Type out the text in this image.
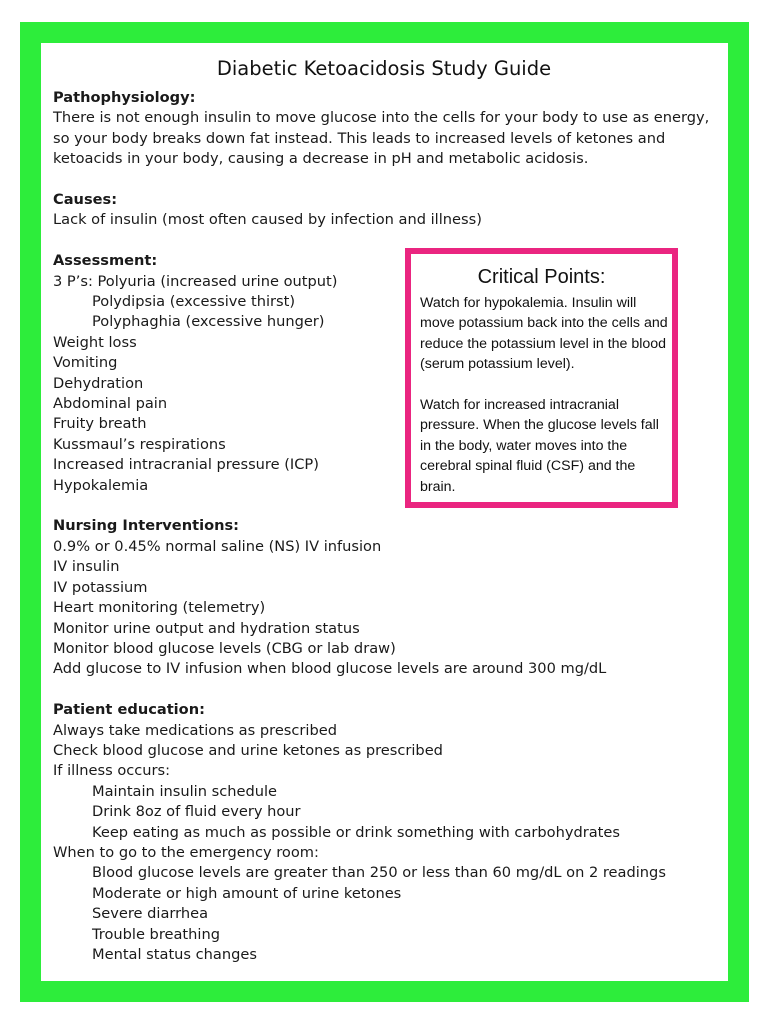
Diabetic Ketoacidosis Study Guide
Pathophysiology:
There is not enough insulin to move glucose into the cells for your body to use as energy,
so your body breaks down fat instead. This leads to increased levels of ketones and
ketoacids in your body, causing a decrease in pH and metabolic acidosis.
Causes:
Lack of insulin (most often caused by infection and illness)
Assessment:
3 P’s: Polyuria (increased urine output)
Polydipsia (excessive thirst)
Polyphaghia (excessive hunger)
Weight loss
Vomiting
Dehydration
Abdominal pain
Fruity breath
Kussmaul’s respirations
Increased intracranial pressure (ICP)
Hypokalemia
Nursing Interventions:
0.9% or 0.45% normal saline (NS) IV infusion
IV insulin
IV potassium
Heart monitoring (telemetry)
Monitor urine output and hydration status
Monitor blood glucose levels (CBG or lab draw)
Add glucose to IV infusion when blood glucose levels are around 300 mg/dL
Patient education:
Always take medications as prescribed
Check blood glucose and urine ketones as prescribed
If illness occurs:
Maintain insulin schedule
Drink 8oz of fluid every hour
Keep eating as much as possible or drink something with carbohydrates
When to go to the emergency room:
Blood glucose levels are greater than 250 or less than 60 mg/dL on 2 readings
Moderate or high amount of urine ketones
Severe diarrhea
Trouble breathing
Mental status changes
Critical Points:

Watch for hypokalemia. Insulin will move potassium back into the cells and reduce the potassium level in the blood (serum potassium level).

Watch for increased intracranial pressure. When the glucose levels fall in the body, water moves into the cerebral spinal fluid (CSF) and the brain.
